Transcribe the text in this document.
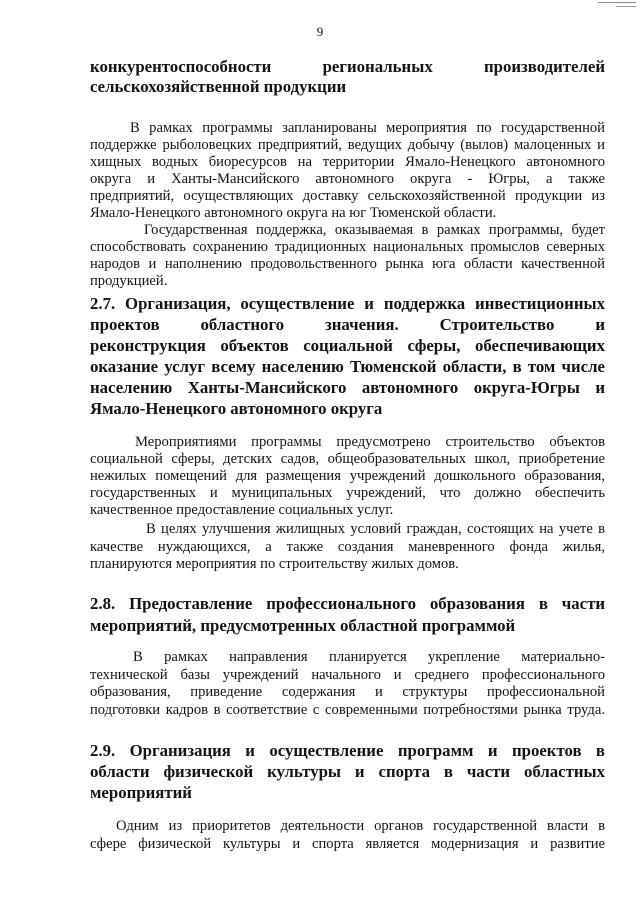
9
конкурентоспособности региональных производителей
сельскохозяйственной продукции
В рамках программы запланированы мероприятия по государственной
поддержке рыболовецких предприятий, ведущих добычу (вылов) малоценных и
хищных водных биоресурсов на территории Ямало-Ненецкого автономного
округа и Ханты-Мансийского автономного округа - Югры, а также
предприятий, осуществляющих доставку сельскохозяйственной продукции из
Ямало-Ненецкого автономного округа на юг Тюменской области.
Государственная поддержка, оказываемая в рамках программы, будет
способствовать сохранению традиционных национальных промыслов северных
народов и наполнению продовольственного рынка юга области качественной
продукцией.
2.7. Организация, осуществление и поддержка инвестиционных
проектов областного значения. Строительство и
реконструкция объектов социальной сферы, обеспечивающих
оказание услуг всему населению Тюменской области, в том числе
населению Ханты-Мансийского автономного округа-Югры и
Ямало-Ненецкого автономного округа
Мероприятиями программы предусмотрено строительство объектов
социальной сферы, детских садов, общеобразовательных школ, приобретение
нежилых помещений для размещения учреждений дошкольного образования,
государственных и муниципальных учреждений, что должно обеспечить
качественное предоставление социальных услуг.
В целях улучшения жилищных условий граждан, состоящих на учете в
качестве нуждающихся, а также создания маневренного фонда жилья,
планируются мероприятия по строительству жилых домов.
2.8. Предоставление профессионального образования в части
мероприятий, предусмотренных областной программой
В рамках направления планируется укрепление материально-
технической базы учреждений начального и среднего профессионального
образования, приведение содержания и структуры профессиональной
подготовки кадров в соответствие с современными потребностями рынка труда.
2.9. Организация и осуществление программ и проектов в
области физической культуры и спорта в части областных
мероприятий
Одним из приоритетов деятельности органов государственной власти в
сфере физической культуры и спорта является модернизация и развитие
